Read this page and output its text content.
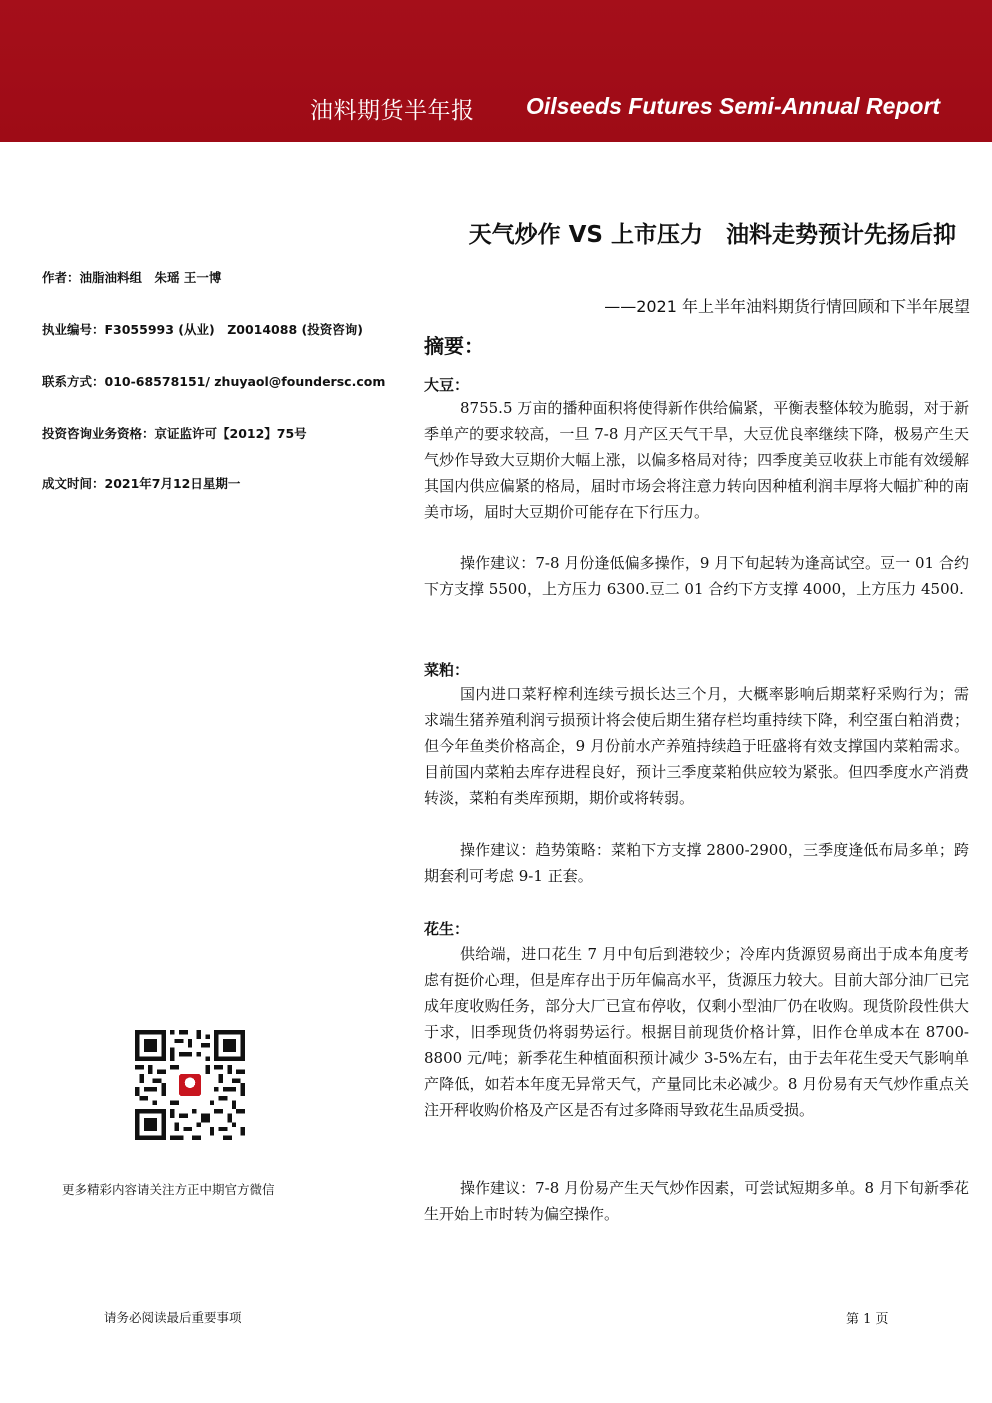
油料期货半年报 Oilseeds Futures Semi-Annual Report
天气炒作 VS 上市压力　油料走势预计先扬后抑
——2021 年上半年油料期货行情回顾和下半年展望
作者：油脂油料组　朱瑶 王一博
执业编号：F3055993 (从业)　Z0014088 (投资咨询)
联系方式：010-68578151/ zhuyaol@foundersc.com
投资咨询业务资格：京证监许可【2012】75号
成文时间：2021年7月12日星期一
摘要：
大豆：

8755.5 万亩的播种面积将使得新作供给偏紧，平衡表整体较为脆弱，对于新季单产的要求较高，一旦 7-8 月产区天气干旱，大豆优良率继续下降，极易产生天气炒作导致大豆期价大幅上涨，以偏多格局对待；四季度美豆收获上市能有效缓解其国内供应偏紧的格局，届时市场会将注意力转向因种植利润丰厚将大幅扩种的南美市场，届时大豆期价可能存在下行压力。

操作建议：7-8 月份逢低偏多操作，9 月下旬起转为逢高试空。豆一 01 合约下方支撑 5500，上方压力 6300.豆二 01 合约下方支撑 4000，上方压力 4500.

菜粕：

国内进口菜籽榨利连续亏损长达三个月，大概率影响后期菜籽采购行为；需求端生猪养殖利润亏损预计将会使后期生猪存栏均重持续下降，利空蛋白粕消费；但今年鱼类价格高企，9 月份前水产养殖持续趋于旺盛将有效支撑国内菜粕需求。目前国内菜粕去库存进程良好，预计三季度菜粕供应较为紧张。但四季度水产消费转淡，菜粕有类库预期，期价或将转弱。

操作建议：趋势策略：菜粕下方支撑 2800-2900，三季度逢低布局多单；跨期套利可考虑 9-1 正套。

花生：

供给端，进口花生 7 月中旬后到港较少；冷库内货源贸易商出于成本角度考虑有挺价心理，但是库存出于历年偏高水平，货源压力较大。目前大部分油厂已完成年度收购任务，部分大厂已宣布停收，仅剩小型油厂仍在收购。现货阶段性供大于求，旧季现货仍将弱势运行。根据目前现货价格计算，旧作仓单成本在 8700-8800 元/吨；新季花生种植面积预计减少 3-5%左右，由于去年花生受天气影响单产降低，如若本年度无异常天气，产量同比未必减少。8 月份易有天气炒作重点关注开秤收购价格及产区是否有过多降雨导致花生品质受损。

操作建议：7-8 月份易产生天气炒作因素，可尝试短期多单。8 月下旬新季花生开始上市时转为偏空操作。

更多精彩内容请关注方正中期官方微信
请务必阅读最后重要事项	第 1 页
